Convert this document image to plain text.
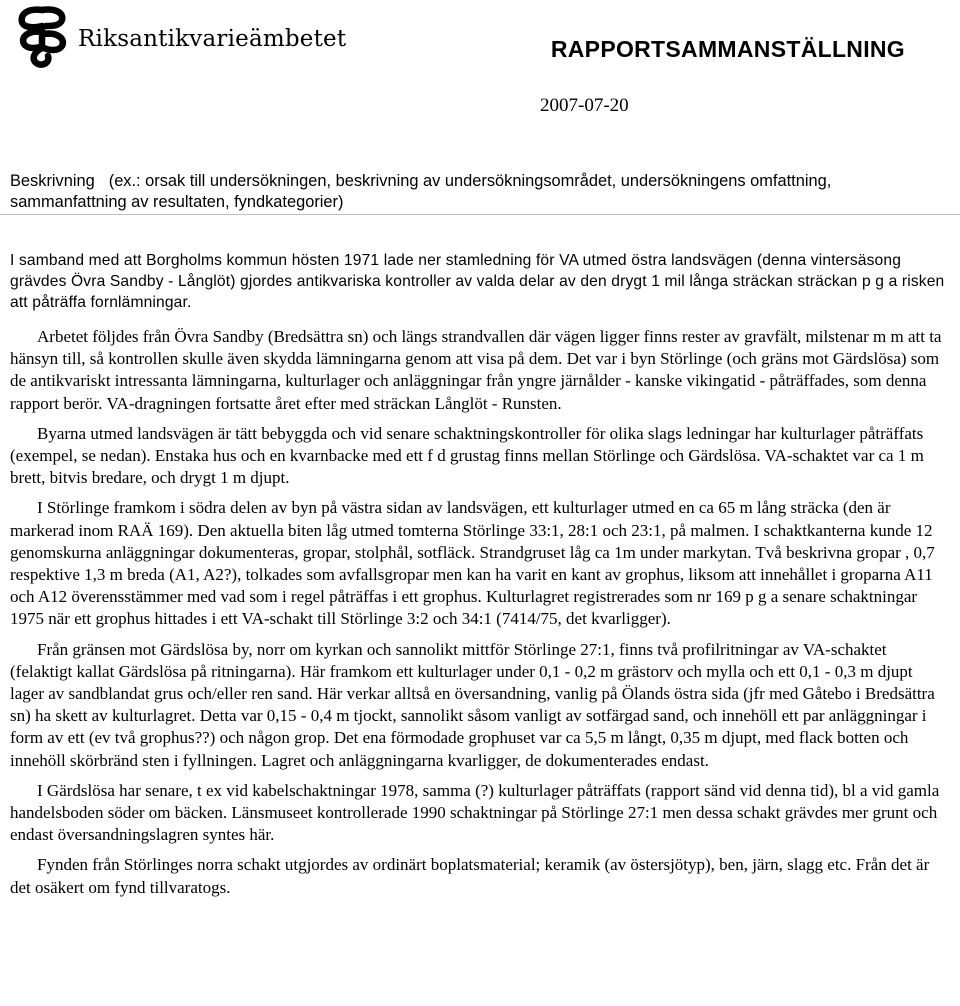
Riksantikvarieämbetet	RAPPORTSAMMANSTÄLLNING
2007-07-20
Beskrivning (ex.: orsak till undersökningen, beskrivning av undersökningsområdet, undersökningens omfattning, sammanfattning av resultaten, fyndkategorier)
I samband med att Borgholms kommun hösten 1971 lade ner stamledning för VA utmed östra landsvägen (denna vintersäsong grävdes Övra Sandby - Långlöt) gjordes antikvariska kontroller av valda delar av den drygt 1 mil långa sträckan sträckan p g a risken att påträffa fornlämningar.

Arbetet följdes från Övra Sandby (Bredsättra sn) och längs strandvallen där vägen ligger finns rester av gravfält, milstenar m m att ta hänsyn till, så kontrollen skulle även skydda lämningarna genom att visa på dem. Det var i byn Störlinge (och gräns mot Gärdslösa) som de antikvariskt intressanta lämningarna, kulturlager och anläggningar från yngre järnålder - kanske vikingatid - påträffades, som denna rapport berör. VA-dragningen fortsatte året efter med sträckan Långlöt - Runsten.

Byarna utmed landsvägen är tätt bebyggda och vid senare schaktningskontroller för olika slags ledningar har kulturlager påträffats (exempel, se nedan). Enstaka hus och en kvarnbacke med ett f d grustag finns mellan Störlinge och Gärdslösa. VA-schaktet var ca 1 m brett, bitvis bredare, och drygt 1 m djupt.

I Störlinge framkom i södra delen av byn på västra sidan av landsvägen, ett kulturlager utmed en ca 65 m lång sträcka (den är markerad inom RAÄ 169). Den aktuella biten låg utmed tomterna Störlinge 33:1, 28:1 och 23:1, på malmen. I schaktkanterna kunde 12 genomskurna anläggningar dokumenteras, gropar, stolphål, sotfläck. Strandgruset låg ca 1m under markytan. Två beskrivna gropar , 0,7 respektive 1,3 m breda (A1, A2?), tolkades som avfallsgropar men kan ha varit en kant av grophus, liksom att innehållet i groparna A11 och A12 överensstämmer med vad som i regel påträffas i ett grophus. Kulturlagret registrerades som nr 169 p g a senare schaktningar 1975 när ett grophus hittades i ett VA-schakt till Störlinge 3:2 och 34:1 (7414/75, det kvarligger).

Från gränsen mot Gärdslösa by, norr om kyrkan och sannolikt mittför Störlinge 27:1, finns två profilritningar av VA-schaktet (felaktigt kallat Gärdslösa på ritningarna). Här framkom ett kulturlager under 0,1 - 0,2 m grästorv och mylla och ett 0,1 - 0,3 m djupt lager av sandblandat grus och/eller ren sand. Här verkar alltså en översandning, vanlig på Ölands östra sida (jfr med Gåtebo i Bredsättra sn) ha skett av kulturlagret. Detta var 0,15 - 0,4 m tjockt, sannolikt såsom vanligt av sotfärgad sand, och innehöll ett par anläggningar i form av ett (ev två grophus??) och någon grop. Det ena förmodade grophuset var ca 5,5 m långt, 0,35 m djupt, med flack botten och innehöll skörbränd sten i fyllningen. Lagret och anläggningarna kvarligger, de dokumenterades endast.

I Gärdslösa har senare, t ex vid kabelschaktningar 1978, samma (?) kulturlager påträffats (rapport sänd vid denna tid), bl a vid gamla handelsboden söder om bäcken. Länsmuseet kontrollerade 1990 schaktningar på Störlinge 27:1 men dessa schakt grävdes mer grunt och endast översandningslagren syntes här.

Fynden från Störlinges norra schakt utgjordes av ordinärt boplatsmaterial; keramik (av östersjötyp), ben, järn, slagg etc. Från det är det osäkert om fynd tillvaratogs.
